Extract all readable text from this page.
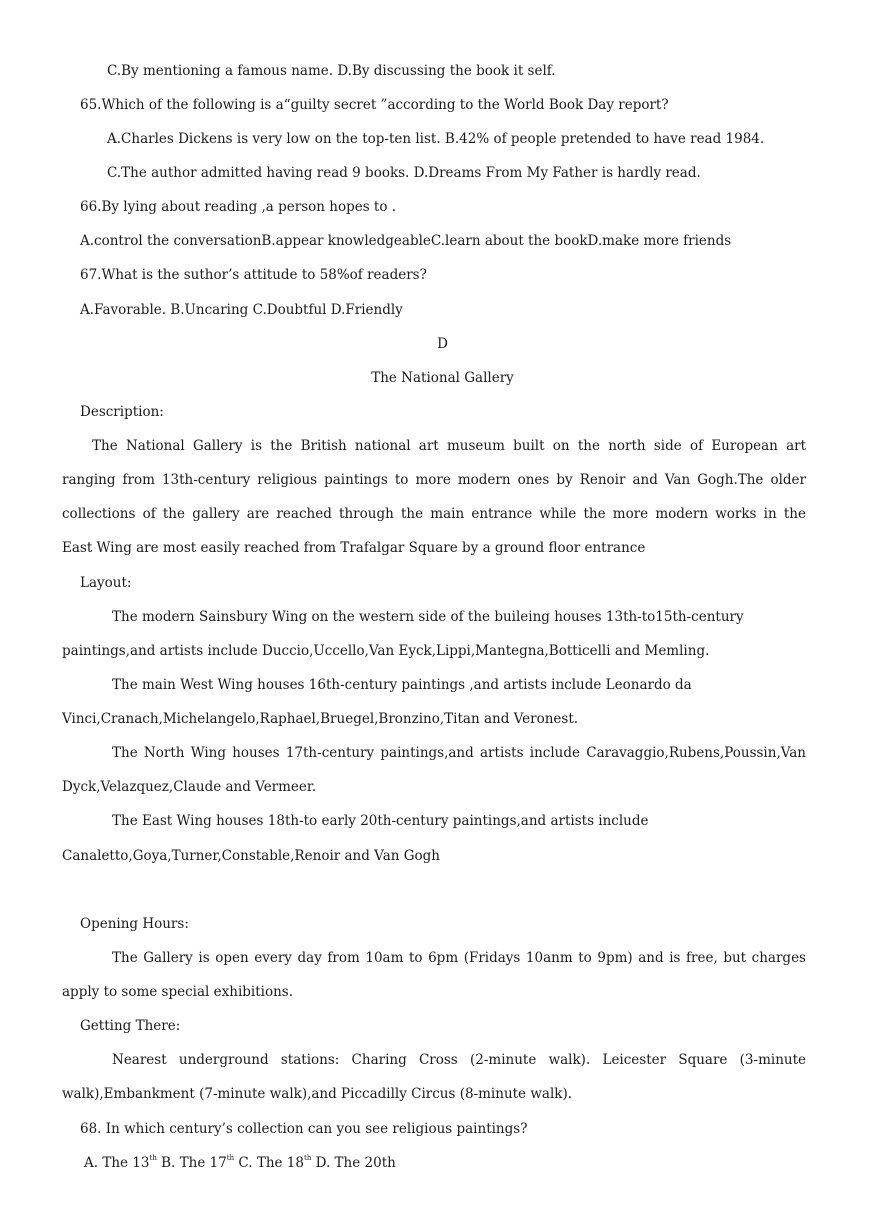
C.By mentioning a famous name. D.By discussing the book it self.
65.Which of the following is a“guilty secret ”according to the World Book Day report?
A.Charles Dickens is very low on the top-ten list. B.42% of people pretended to have read 1984.
C.The author admitted having read 9 books. D.Dreams From My Father is hardly read.
66.By lying about reading ,a person hopes to .
A.control the conversationB.appear knowledgeableC.learn about the bookD.make more friends
67.What is the suthor’s attitude to 58%of readers?
A.Favorable. B.Uncaring C.Doubtful D.Friendly
D
The National Gallery
Description:
The National Gallery is the British national art museum built on the north side of European art
ranging from 13th-century religious paintings to more modern ones by Renoir and Van Gogh.The older
collections of the gallery are reached through the main entrance while the more modern works in the
East Wing are most easily reached from Trafalgar Square by a ground floor entrance
Layout:
The modern Sainsbury Wing on the western side of the buileing houses 13th-to15th-century
paintings,and artists include Duccio,Uccello,Van Eyck,Lippi,Mantegna,Botticelli and Memling.
The main West Wing houses 16th-century paintings ,and artists include Leonardo da
Vinci,Cranach,Michelangelo,Raphael,Bruegel,Bronzino,Titan and Veronest.
The North Wing houses 17th-century paintings,and artists include Caravaggio,Rubens,Poussin,Van
Dyck,Velazquez,Claude and Vermeer.
The East Wing houses 18th-to early 20th-century paintings,and artists include
Canaletto,Goya,Turner,Constable,Renoir and Van Gogh
Opening Hours:
The Gallery is open every day from 10am to 6pm (Fridays 10anm to 9pm) and is free, but charges
apply to some special exhibitions.
Getting There:
Nearest underground stations: Charing Cross (2-minute walk). Leicester Square (3-minute
walk),Embankment (7-minute walk),and Piccadilly Circus (8-minute walk).
68. In which century’s collection can you see religious paintings?
A. The 13th B. The 17th C. The 18th D. The 20th
